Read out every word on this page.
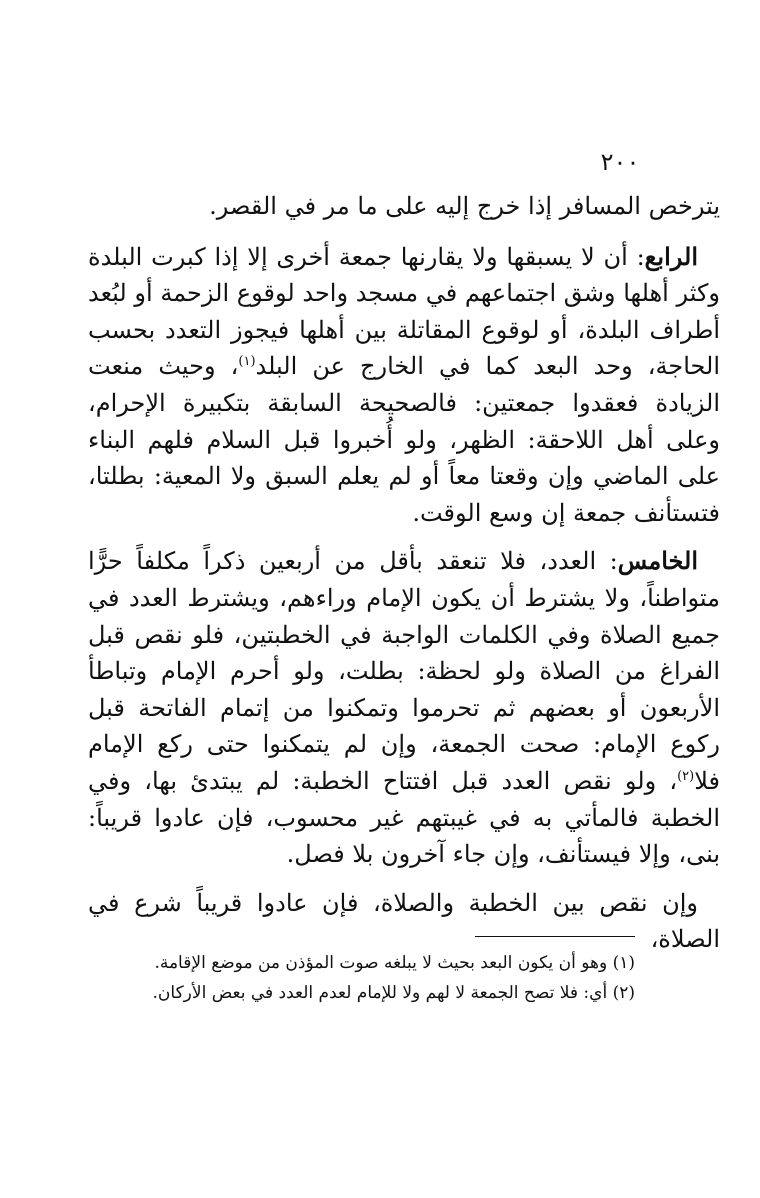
٢٠٠

يترخص المسافر إذا خرج إليه على ما مر في القصر.

الرابع: أن لا يسبقها ولا يقارنها جمعة أخرى إلا إذا كبرت البلدة وكثر أهلها وشق اجتماعهم في مسجد واحد لوقوع الزحمة أو لبُعد أطراف البلدة، أو لوقوع المقاتلة بين أهلها فيجوز التعدد بحسب الحاجة، وحد البعد كما في الخارج عن البلد$^{(١)}$، وحيث منعت الزيادة فعقدوا جمعتين: فالصحيحة السابقة بتكبيرة الإحرام، وعلى أهل اللاحقة: الظهر، ولو أُخبروا قبل السلام فلهم البناء على الماضي وإن وقعتا معاً أو لم يعلم السبق ولا المعية: بطلتا، فتستأنف جمعة إن وسع الوقت.

الخامس: العدد، فلا تنعقد بأقل من أربعين ذكراً مكلفاً حرًّا متواطناً، ولا يشترط أن يكون الإمام وراءهم، ويشترط العدد في جميع الصلاة وفي الكلمات الواجبة في الخطبتين، فلو نقص قبل الفراغ من الصلاة ولو لحظة: بطلت، ولو أحرم الإمام وتباطأ الأربعون أو بعضهم ثم تحرموا وتمكنوا من إتمام الفاتحة قبل ركوع الإمام: صحت الجمعة، وإن لم يتمكنوا حتى ركع الإمام فلا$^{(٢)}$، ولو نقص العدد قبل افتتاح الخطبة: لم يبتدئ بها، وفي الخطبة فالمأتي به في غيبتهم غير محسوب، فإن عادوا قريباً: بنى، وإلا فيستأنف، وإن جاء آخرون بلا فصل.

وإن نقص بين الخطبة والصلاة، فإن عادوا قريباً شرع في الصلاة،

(١) وهو أن يكون البعد بحيث لا يبلغه صوت المؤذن من موضع الإقامة.

(٢) أي: فلا تصح الجمعة لا لهم ولا للإمام لعدم العدد في بعض الأركان.
